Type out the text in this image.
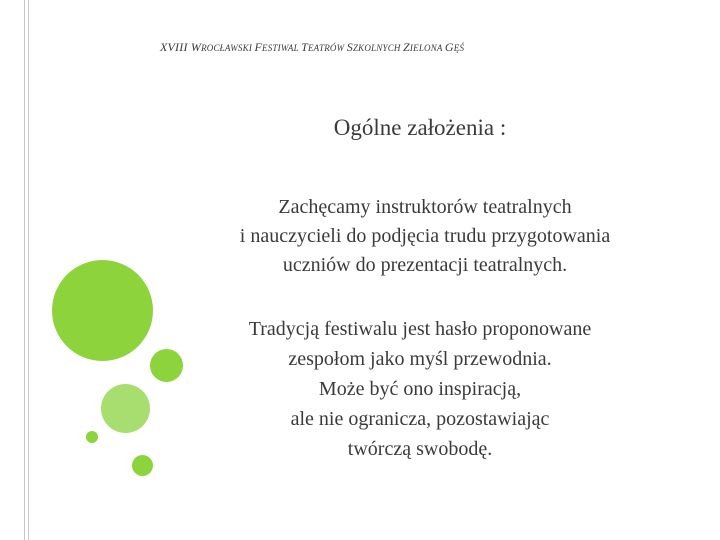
XVIII WROCŁAWSKI FESTIWAL TEATRÓW SZKOLNYCH ZIELONA GĘŚ
Ogólne założenia :
Zachęcamy instruktorów teatralnych
i nauczycieli do podjęcia trudu przygotowania
uczniów do prezentacji teatralnych.
Tradycją festiwalu jest hasło proponowane
zespołom jako myśl przewodnia.
Może być ono inspiracją,
ale nie ogranicza, pozostawiając
twórczą swobodę.
